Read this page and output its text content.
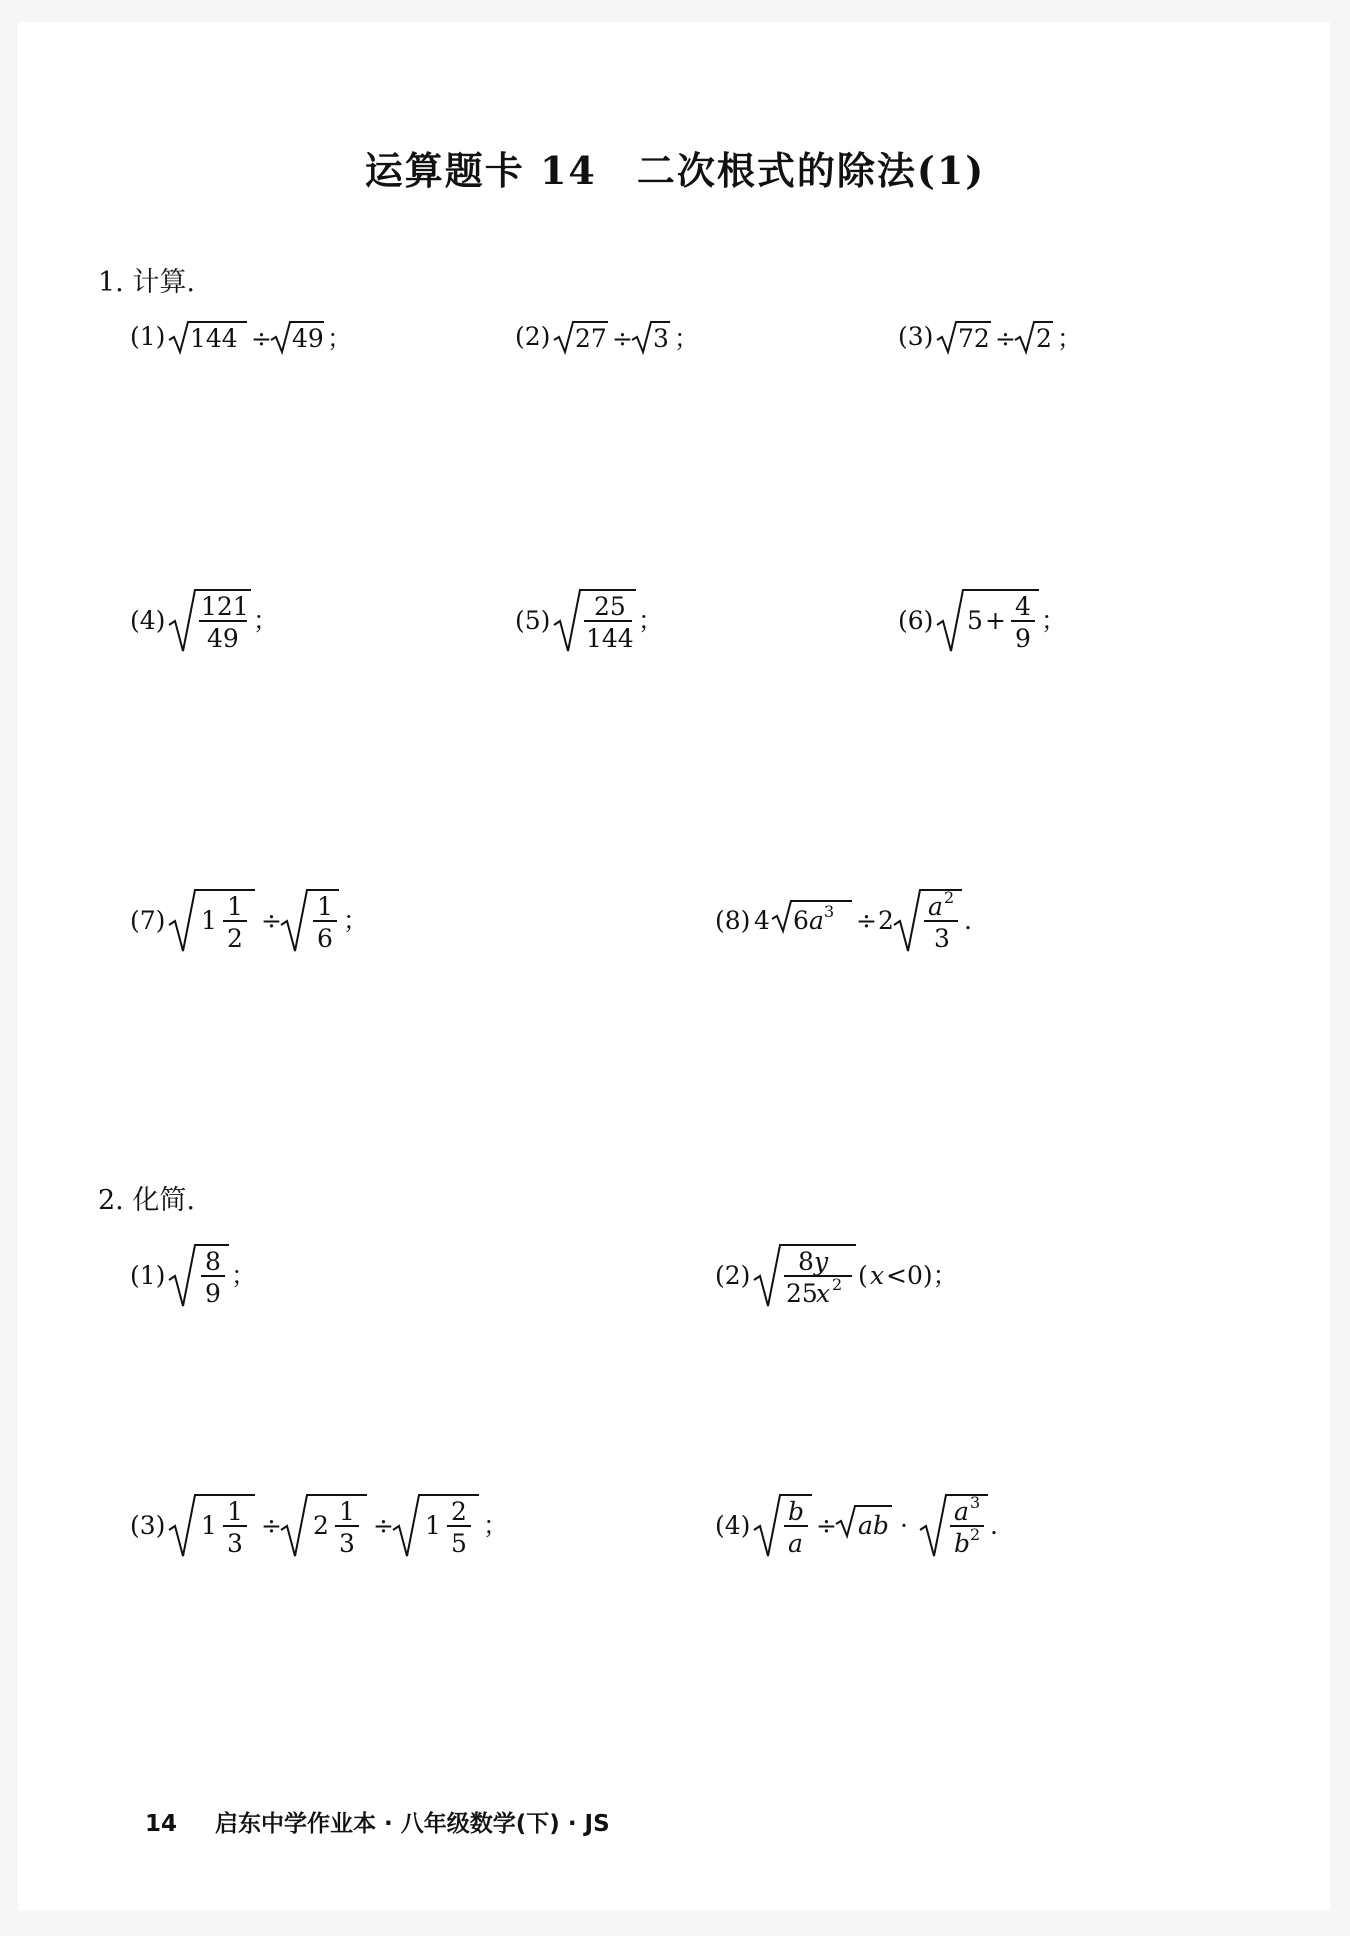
运算题卡 14　二次根式的除法(1)
1. 计算.
(1) 144 ÷ 49 ；	(2) 27 ÷ 3 ；	(3) 72 ÷ 2 ；
(4) 121
49
；	(5) 25
144
；	(6) 5 + 4
9
；
(7) 1 1
2
÷ 1
6
；	(8) 4 6 a 3 ÷ 2 a 2
3
.
2. 化简.
(1) 8
9
；	(2) 8 y
25
x 2 ( x <0)；
(3) 1 1
3
÷ 2 1
3
÷ 1 2
5
；	(4) b
a
÷ ab · a 3
b 2 .
14 启东中学作业本 · 八年级数学(下) · JS
